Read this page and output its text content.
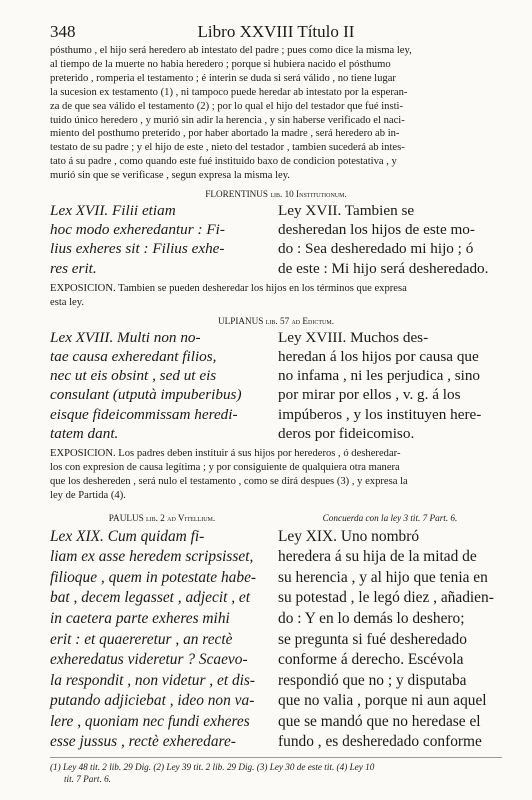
348	Libro XXVIII Título II
pósthumo , el hijo será heredero ab intestato del padre ; pues como dice la misma ley,
al tiempo de la muerte no habia heredero ; porque si hubiera nacido el pósthumo
preterido , romperia el testamento ; é interin se duda si será válido , no tiene lugar
la sucesion ex testamento (1) , ni tampoco puede heredar ab intestato por la esperan-
za de que sea válido el testamento (2) ; por lo qual el hijo del testador que fué insti-
tuido único heredero , y murió sin adir la herencia , y sin haberse verificado el naci-
miento del posthumo preterido , por haber abortado la madre , será heredero ab in-
testato de su padre ; y el hijo de este , nieto del testador , tambien sucederá ab intes-
tato á su padre , como quando este fué instituido baxo de condicion potestativa , y
murió sin que se verificase , segun expresa la misma ley.
FLORENTINUS lib. 10 Institutionum.
Lex XVII. Filii etiam
hoc modo exheredantur : Fi-
lius exheres sit : Filius exhe-
res erit.
Ley XVII. Tambien se
desheredan los hijos de este mo-
do : Sea desheredado mi hijo ; ó
de este : Mi hijo será desheredado.
EXPOSICION. Tambien se pueden desheredar los hijos en los términos que expresa
esta ley.
ULPIANUS lib. 57 ad Edictum.
Lex XVIII. Multi non no-
tae causa exheredant filios,
nec ut eis obsint , sed ut eis
consulant (utputà impuberibus)
eisque fideicommissam heredi-
tatem dant.
Ley XVIII. Muchos des-
heredan á los hijos por causa que
no infama , ni les perjudica , sino
por mirar por ellos , v. g. á los
impúberos , y los instituyen here-
deros por fideicomiso.
EXPOSICION. Los padres deben instituir á sus hijos por herederos , ó desheredar-
los con expresion de causa legítima ; y por consiguiente de qualquiera otra manera
que los deshereden , será nulo el testamento , como se dirá despues (3) , y expresa la
ley de Partida (4).
PAULUS lib. 2 ad Vitellium.	Concuerda con la ley 3 tit. 7 Part. 6.
Lex XIX. Cum quidam fi-
liam ex asse heredem scripsisset,
filioque , quem in potestate habe-
bat , decem legasset , adjecit , et
in caetera parte exheres mihi
erit : et quaereretur , an rectè
exheredatus videretur ? Scaevo-
la respondit , non videtur , et dis-
putando adjiciebat , ideo non va-
lere , quoniam nec fundi exheres
esse jussus , rectè exheredare-
Ley XIX. Uno nombró
heredera á su hija de la mitad de
su herencia , y al hijo que tenia en
su potestad , le legó diez , añadien-
do : Y en lo demás lo deshero;
se pregunta si fué desheredado
conforme á derecho. Escévola
respondió que no ; y disputaba
que no valia , porque ni aun aquel
que se mandó que no heredase el
fundo , es desheredado conforme
(1) Ley 48 tit. 2 lib. 29 Dig. (2) Ley 39 tit. 2 lib. 29 Dig. (3) Ley 30 de este tit. (4) Ley 10
tit. 7 Part. 6.
